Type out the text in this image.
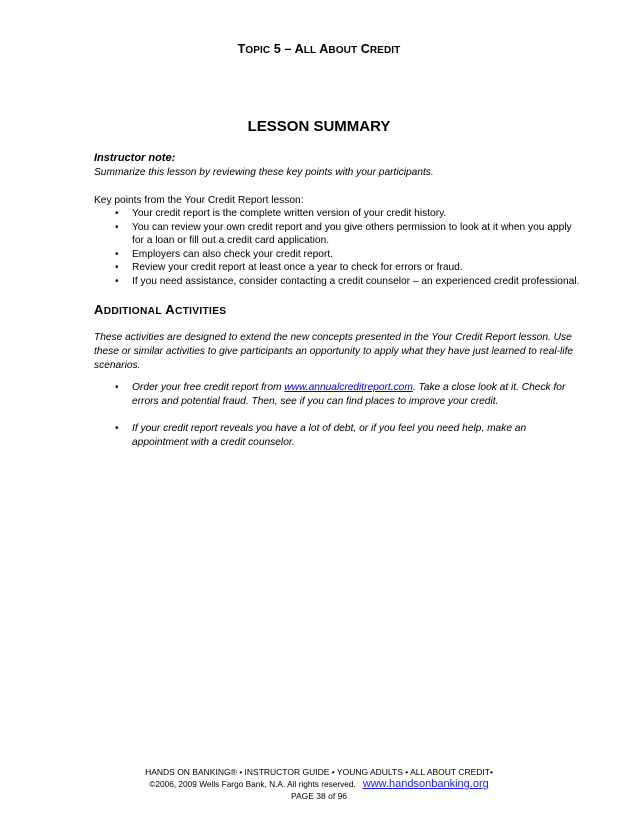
TOPIC 5 – ALL ABOUT CREDIT
LESSON SUMMARY
Instructor note:
Summarize this lesson by reviewing these key points with your participants.
Key points from the Your Credit Report lesson:
• Your credit report is the complete written version of your credit history.
• You can review your own credit report and you give others permission to look at it when you apply for a loan or fill out a credit card application.
• Employers can also check your credit report.
• Review your credit report at least once a year to check for errors or fraud.
• If you need assistance, consider contacting a credit counselor – an experienced credit professional.
ADDITIONAL ACTIVITIES
These activities are designed to extend the new concepts presented in the Your Credit Report lesson. Use these or similar activities to give participants an opportunity to apply what they have just learned to real-life scenarios.
• Order your free credit report from www.annualcreditreport.com. Take a close look at it. Check for errors and potential fraud. Then, see if you can find places to improve your credit.
• If your credit report reveals you have a lot of debt, or if you feel you need help, make an appointment with a credit counselor.
HANDS ON BANKING® • INSTRUCTOR GUIDE • YOUNG ADULTS • ALL ABOUT CREDIT•
©2006, 2009 Wells Fargo Bank, N.A. All rights reserved. www.handsonbanking.org
PAGE 38 of 96
